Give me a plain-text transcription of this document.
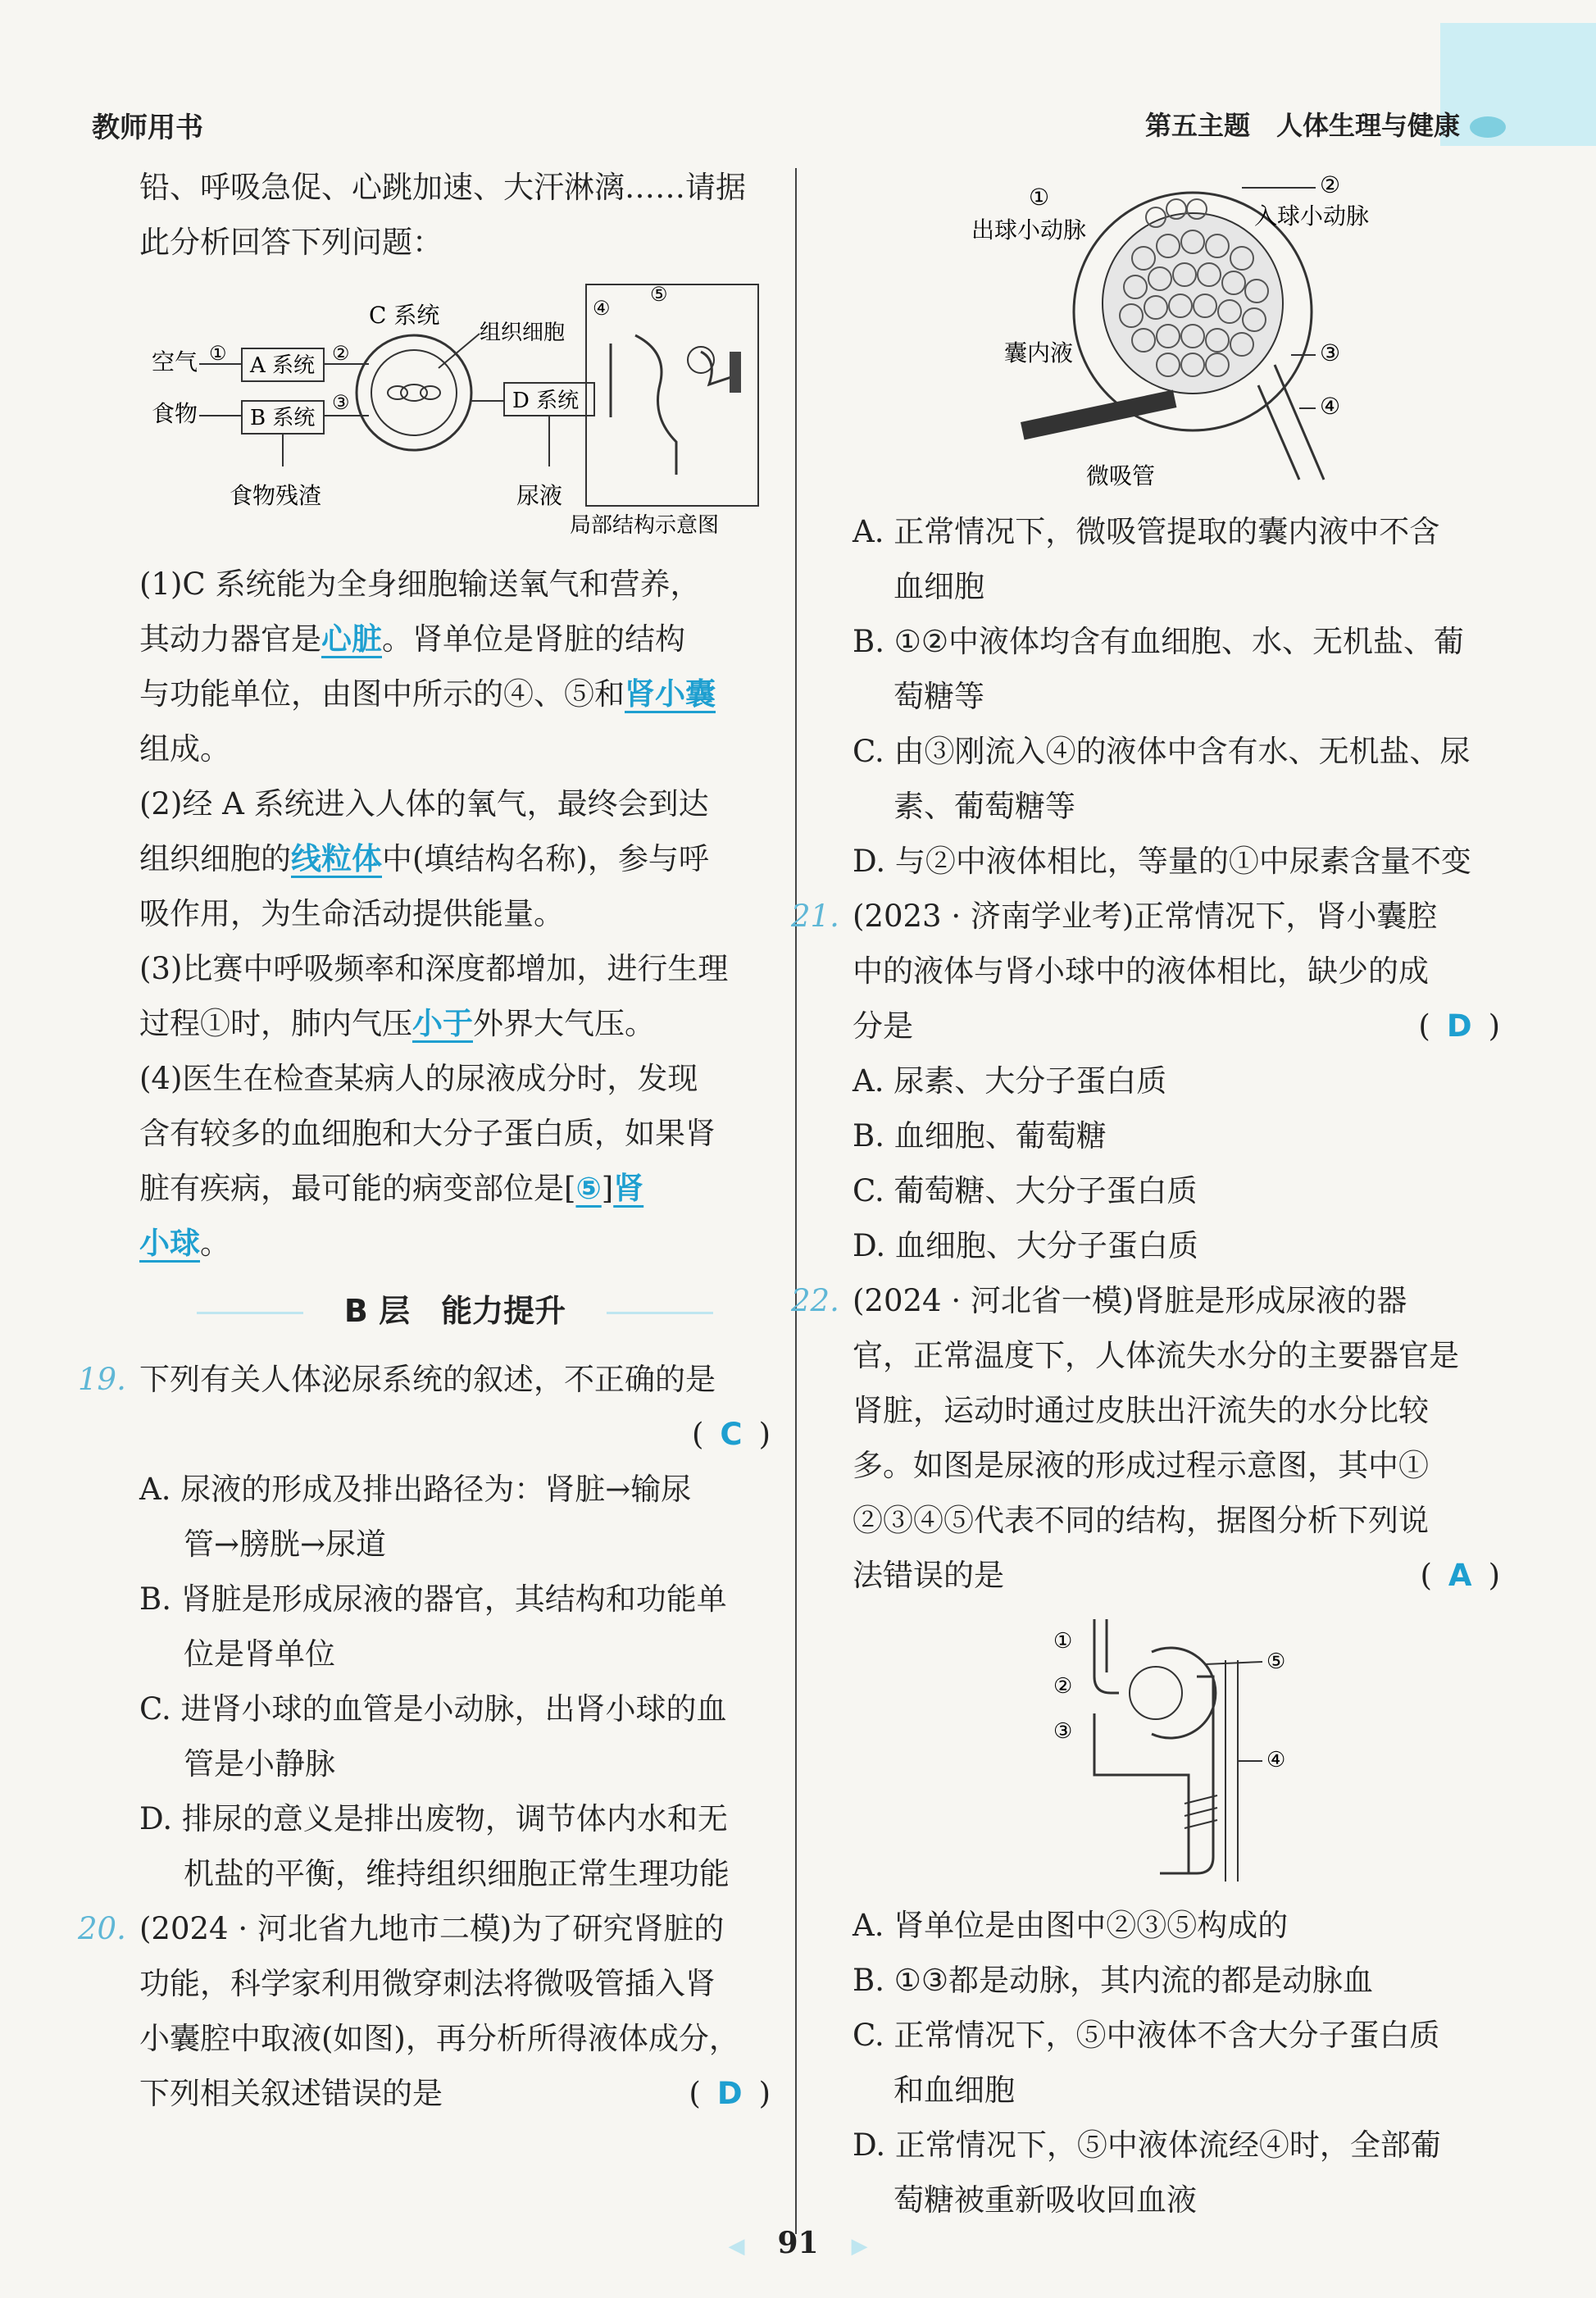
教师用书	第五主题　人体生理与健康

铅、呼吸急促、心跳加速、大汗淋漓……请据

此分析回答下列问题：

空气
食物
① A 系统
B 系统
②
③
食物残渣
C 系统
组织细胞
D 系统
尿液
④
⑤
局部结构示意图

(1)C 系统能为全身细胞输送氧气和营养，

其动力器官是心脏。肾单位是肾脏的结构

与功能单位，由图中所示的④、⑤和肾小囊

组成。

(2)经 A 系统进入人体的氧气，最终会到达

组织细胞的线粒体中(填结构名称)，参与呼

吸作用，为生命活动提供能量。

(3)比赛中呼吸频率和深度都增加，进行生理

过程①时，肺内气压小于外界大气压。

(4)医生在检查某病人的尿液成分时，发现

含有较多的血细胞和大分子蛋白质，如果肾

脏有疾病，最可能的病变部位是[⑤]肾

小球。

B 层　能力提升

19. 下列有关人体泌尿系统的叙述，不正确的是

( C )

A. 尿液的形成及排出路径为：肾脏→输尿

管→膀胱→尿道

B. 肾脏是形成尿液的器官，其结构和功能单

位是肾单位

C. 进肾小球的血管是小动脉，出肾小球的血

管是小静脉

D. 排尿的意义是排出废物，调节体内水和无

机盐的平衡，维持组织细胞正常生理功能

20. (2024 · 河北省九地市二模)为了研究肾脏的

功能，科学家利用微穿刺法将微吸管插入肾

小囊腔中取液(如图)，再分析所得液体成分，

下列相关叙述错误的是	( D )

①
出球小动脉
②
入球小动脉
囊内液	③
④
微吸管

A. 正常情况下，微吸管提取的囊内液中不含

血细胞

B. ①②中液体均含有血细胞、水、无机盐、葡

萄糖等

C. 由③刚流入④的液体中含有水、无机盐、尿

素、葡萄糖等

D. 与②中液体相比，等量的①中尿素含量不变

21. (2023 · 济南学业考)正常情况下，肾小囊腔

中的液体与肾小球中的液体相比，缺少的成

分是	( D )

A. 尿素、大分子蛋白质

B. 血细胞、葡萄糖

C. 葡萄糖、大分子蛋白质

D. 血细胞、大分子蛋白质

22. (2024 · 河北省一模)肾脏是形成尿液的器

官，正常温度下，人体流失水分的主要器官是

肾脏，运动时通过皮肤出汗流失的水分比较

多。如图是尿液的形成过程示意图，其中①

②③④⑤代表不同的结构，据图分析下列说

法错误的是	( A )

①
②
③
④
⑤

A. 肾单位是由图中②③⑤构成的

B. ①③都是动脉，其内流的都是动脉血

C. 正常情况下，⑤中液体不含大分子蛋白质

和血细胞

D. 正常情况下，⑤中液体流经④时，全部葡

萄糖被重新吸收回血液

◀ 91 ▶
